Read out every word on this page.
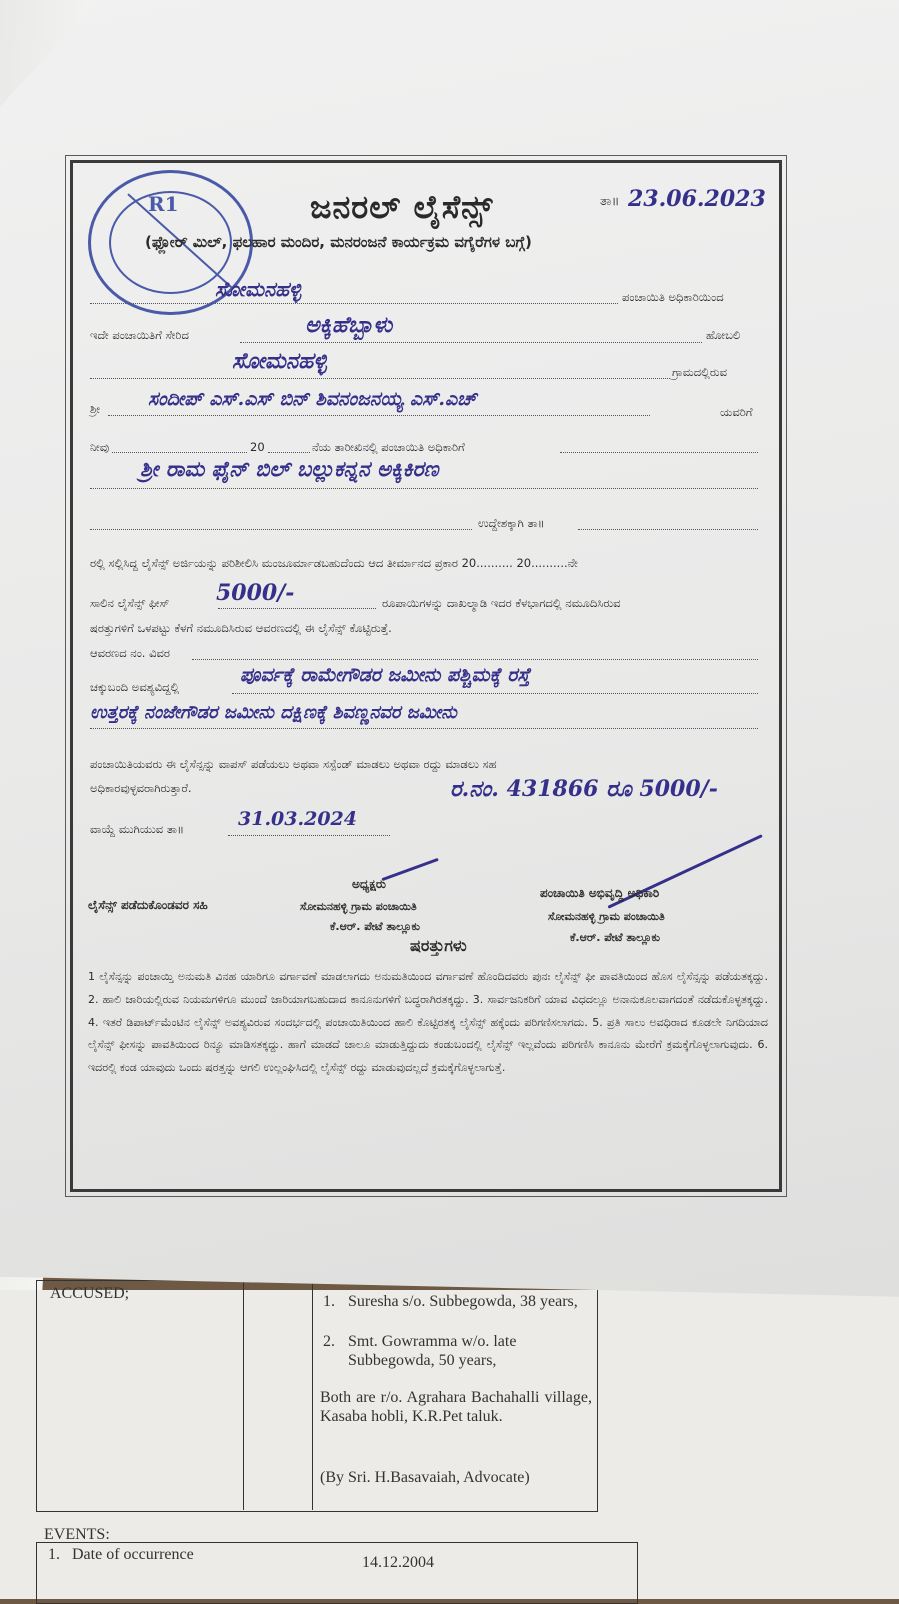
ACCUSED;	1. Suresha s/o. Subbegowda, 38 years,
2. Smt. Gowramma w/o. late Subbegowda, 50 years,
Both are r/o. Agrahara Bachahalli village, Kasaba hobli, K.R.Pet taluk.
(By Sri. H.Basavaiah, Advocate)
EVENTS:
1. Date of occurrence	14.12.2004
R1	ಜನರಲ್ ಲೈಸೆನ್ಸ್	ತಾ॥ 23.06.2023
(ಫ್ಲೋರ್ ಮಿಲ್, ಫಲಹಾರ ಮಂದಿರ, ಮನರಂಜನೆ ಕಾರ್ಯಕ್ರಮ ವಗೈರೆಗಳ ಬಗ್ಗೆ)
ಸೋಮನಹಳ್ಳಿ	ಪಂಚಾಯಿತಿ ಅಧಿಕಾರಿಯಿಂದ
ಇದೇ ಪಂಚಾಯಿತಿಗೆ ಸೇರಿದ	ಅಕ್ಕಿಹೆಬ್ಬಾಳು	ಹೋಬಲಿ
ಸೋಮನಹಳ್ಳಿ	ಗ್ರಾಮದಲ್ಲಿರುವ
ಶ್ರೀ	ಸಂದೀಪ್ ಎಸ್.ಎಸ್ ಬಿನ್ ಶಿವನಂಜನಯ್ಯ ಎಸ್.ಎಚ್
ಯವರಿಗೆ
ನೀವು	20	ನೆಯ ತಾರೀಖಿನಲ್ಲಿ ಪಂಚಾಯಿತಿ ಅಧಿಕಾರಿಗೆ
ಶ್ರೀ ರಾಮ ಫೈನ್ ಬಿಲ್ ಬಲ್ಲುಕನ್ನನ ಅಕ್ಕಿಕಿರಣ
ಉದ್ದೇಶಕ್ಕಾಗಿ ತಾ॥
ರಲ್ಲಿ ಸಲ್ಲಿಸಿದ್ದ ಲೈಸೆನ್ಸ್ ಅರ್ಜಿಯನ್ನು ಪರಿಶೀಲಿಸಿ ಮಂಜೂರ್ಮಾಡಬಹುದೆಂದು ಆದ ತೀರ್ಮಾನದ ಪ್ರಕಾರ 20.......... 20..........ನೇ
ಸಾಲಿನ ಲೈಸೆನ್ಸ್ ಫೀಸ್ 5000/-	ರೂಪಾಯಿಗಳನ್ನು ದಾಖಲ್ಮಾಡಿ ಇದರ ಕೆಳಭಾಗದಲ್ಲಿ ನಮೂದಿಸಿರುವ
ಷರತ್ತುಗಳಿಗೆ ಒಳಪಟ್ಟು ಕೆಳಗೆ ನಮೂದಿಸಿರುವ ಆವರಣದಲ್ಲಿ ಈ ಲೈಸೆನ್ಸ್ ಕೊಟ್ಟಿರುತ್ತೆ.
ಆವರಣದ ನಂ. ವಿವರ
ಚಕ್ಕುಬಂದಿ ಅವಶ್ಯವಿದ್ದಲ್ಲಿ
ಪೂರ್ವಕ್ಕೆ ರಾಮೇಗೌಡರ ಜಮೀನು ಪಶ್ಚಿಮಕ್ಕೆ ರಸ್ತೆ
ಉತ್ತರಕ್ಕೆ ನಂಜೇಗೌಡರ ಜಮೀನು ದಕ್ಷಿಣಕ್ಕೆ ಶಿವಣ್ಣನವರ ಜಮೀನು
ಪಂಚಾಯಿತಿಯವರು ಈ ಲೈಸೆನ್ಸನ್ನು ವಾಪಸ್ ಪಡೆಯಲು ಅಥವಾ ಸಸ್ಪೆಂಡ್ ಮಾಡಲು ಅಥವಾ ರದ್ದು ಮಾಡಲು ಸಹ
ಅಧಿಕಾರವುಳ್ಳವರಾಗಿರುತ್ತಾರೆ.	ರ.ನಂ. 431866 ರೂ 5000/-
ವಾಯ್ದೆ ಮುಗಿಯುವ ತಾ॥	31.03.2024
ಲೈಸೆನ್ಸ್ ಪಡೆದುಕೊಂಡವರ ಸಹಿ
ಅಧ್ಯಕ್ಷರು
ಸೋಮನಹಳ್ಳಿ ಗ್ರಾಮ ಪಂಚಾಯಿತಿ
ಕೆ.ಆರ್. ಪೇಟೆ ತಾಲ್ಲೂಕು
ಪಂಚಾಯಿತಿ ಅಭಿವೃದ್ಧಿ ಅಧಿಕಾರಿ
ಸೋಮನಹಳ್ಳಿ ಗ್ರಾಮ ಪಂಚಾಯಿತಿ
ಕೆ.ಆರ್. ಪೇಟೆ ತಾಲ್ಲೂಕು
ಷರತ್ತುಗಳು
1 ಲೈಸೆನ್ಸನ್ನು ಪಂಚಾಯ್ತಿ ಅನುಮತಿ ವಿನಹ ಯಾರಿಗೂ ವರ್ಗಾವಣೆ ಮಾಡಲಾಗದು ಅನುಮತಿಯಿಂದ ವರ್ಗಾವಣೆ ಹೊಂದಿದವರು ಪುನಃ ಲೈಸೆನ್ಸ್ ಫೀ ಪಾವತಿಯಿಂದ ಹೊಸ ಲೈಸೆನ್ಸನ್ನು ಪಡೆಯತಕ್ಕದ್ದು. 2. ಹಾಲಿ ಜಾರಿಯಲ್ಲಿರುವ ನಿಯಮಗಳಿಗೂ ಮುಂದೆ ಜಾರಿಯಾಗಬಹುದಾದ ಕಾನೂನುಗಳಿಗೆ ಬದ್ಧರಾಗಿರತಕ್ಕದ್ದು. 3. ಸಾರ್ವಜನಿಕರಿಗೆ ಯಾವ ವಿಧದಲ್ಲೂ ಅನಾನುಕೂಲವಾಗದಂತೆ ನಡೆದುಕೊಳ್ಳತಕ್ಕದ್ದು. 4. ಇತರೆ ಡಿಪಾರ್ಟ್‌ಮೆಂಟಿನ ಲೈಸೆನ್ಸ್ ಅವಶ್ಯವಿರುವ ಸಂದರ್ಭದಲ್ಲಿ ಪಂಚಾಯಿತಿಯಿಂದ ಹಾಲಿ ಕೊಟ್ಟಿರತಕ್ಕ ಲೈಸೆನ್ಸ್ ಹಕ್ಕೆಂದು ಪರಿಗಣಿಸಲಾಗದು. 5. ಪ್ರತಿ ಸಾಲು ಅವಧಿರಾದ ಕೂಡಲೇ ನಿಗದಿಯಾದ ಲೈಸೆನ್ಸ್ ಫೀಸನ್ನು ಪಾವತಿಯಿಂದ ರಿನ್ಯೂ ಮಾಡಿಸತಕ್ಕದ್ದು. ಹಾಗೆ ಮಾಡದೆ ಚಾಲೂ ಮಾಡುತ್ತಿದ್ದುದು ಕಂಡುಬಂದಲ್ಲಿ ಲೈಸೆನ್ಸ್ ಇಲ್ಲವೆಂದು ಪರಿಗಣಿಸಿ ಕಾನೂನು ಮೇರೆಗೆ ಕ್ರಮಕ್ಕೆಗೊಳ್ಳಲಾಗುವುದು. 6. ಇದರಲ್ಲಿ ಕಂಡ ಯಾವುದು ಒಂದು ಷರತ್ತನ್ನು ಆಗಲಿ ಉಲ್ಲಂಘಿಸಿದಲ್ಲಿ ಲೈಸೆನ್ಸ್ ರದ್ದು ಮಾಡುವುದಲ್ಲದೆ ಕ್ರಮಕ್ಕೆಗೊಳ್ಳಲಾಗುತ್ತೆ.
